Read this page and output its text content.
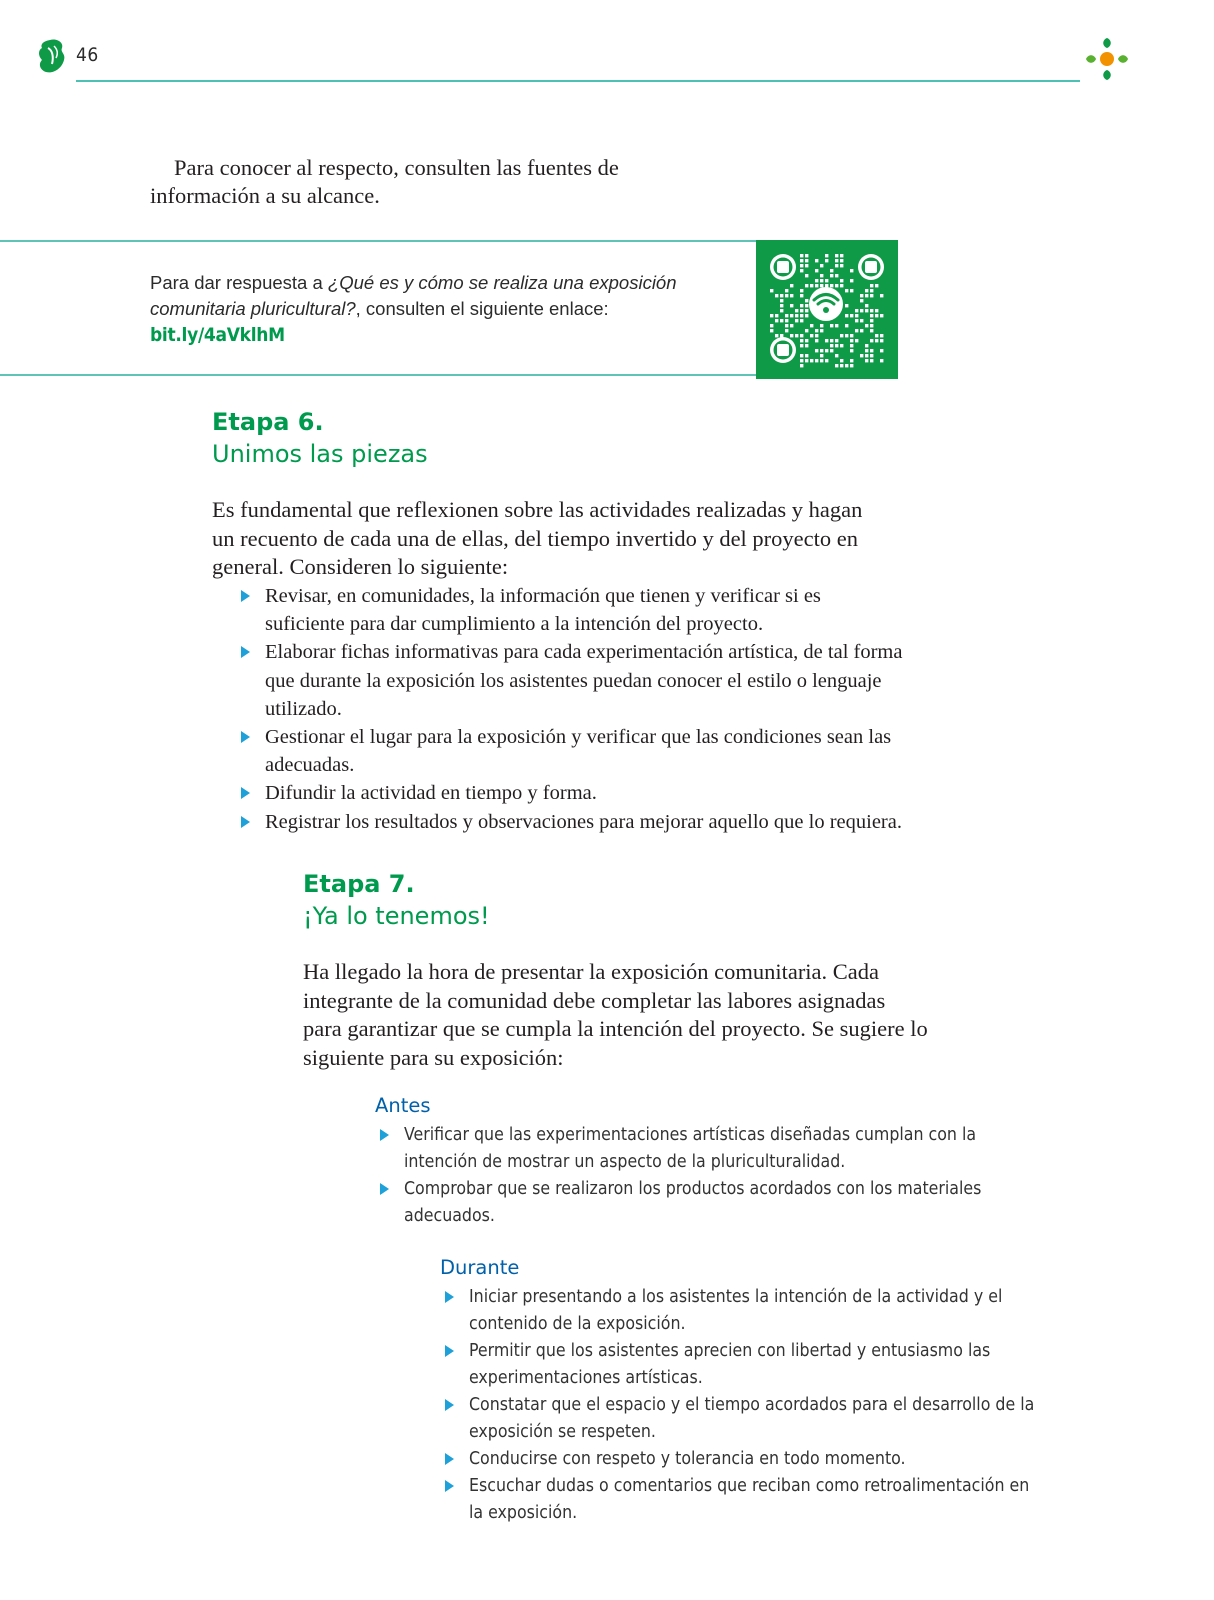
46
Para conocer al respecto, consulten las fuentes de
información a su alcance.
Para dar respuesta a ¿Qué es y cómo se realiza una exposición comunitaria pluricultural?, consulten el siguiente enlace:
bit.ly/4aVklhM
Etapa 6.
Unimos las piezas
Es fundamental que reflexionen sobre las actividades realizadas y hagan un recuento de cada una de ellas, del tiempo invertido y del proyecto en general. Consideren lo siguiente:
Revisar, en comunidades, la información que tienen y verificar si es suficiente para dar cumplimiento a la intención del proyecto.
Elaborar fichas informativas para cada experimentación artística, de tal forma que durante la exposición los asistentes puedan conocer el estilo o lenguaje utilizado.
Gestionar el lugar para la exposición y verificar que las condiciones sean las adecuadas.
Difundir la actividad en tiempo y forma.
Registrar los resultados y observaciones para mejorar aquello que lo requiera.
Etapa 7.
¡Ya lo tenemos!
Ha llegado la hora de presentar la exposición comunitaria. Cada integrante de la comunidad debe completar las labores asignadas para garantizar que se cumpla la intención del proyecto. Se sugiere lo siguiente para su exposición:
Antes
Verificar que las experimentaciones artísticas diseñadas cumplan con la intención de mostrar un aspecto de la pluriculturalidad.
Comprobar que se realizaron los productos acordados con los materiales adecuados.
Durante
Iniciar presentando a los asistentes la intención de la actividad y el contenido de la exposición.
Permitir que los asistentes aprecien con libertad y entusiasmo las experimentaciones artísticas.
Constatar que el espacio y el tiempo acordados para el desarrollo de la exposición se respeten.
Conducirse con respeto y tolerancia en todo momento.
Escuchar dudas o comentarios que reciban como retroalimentación en la exposición.
